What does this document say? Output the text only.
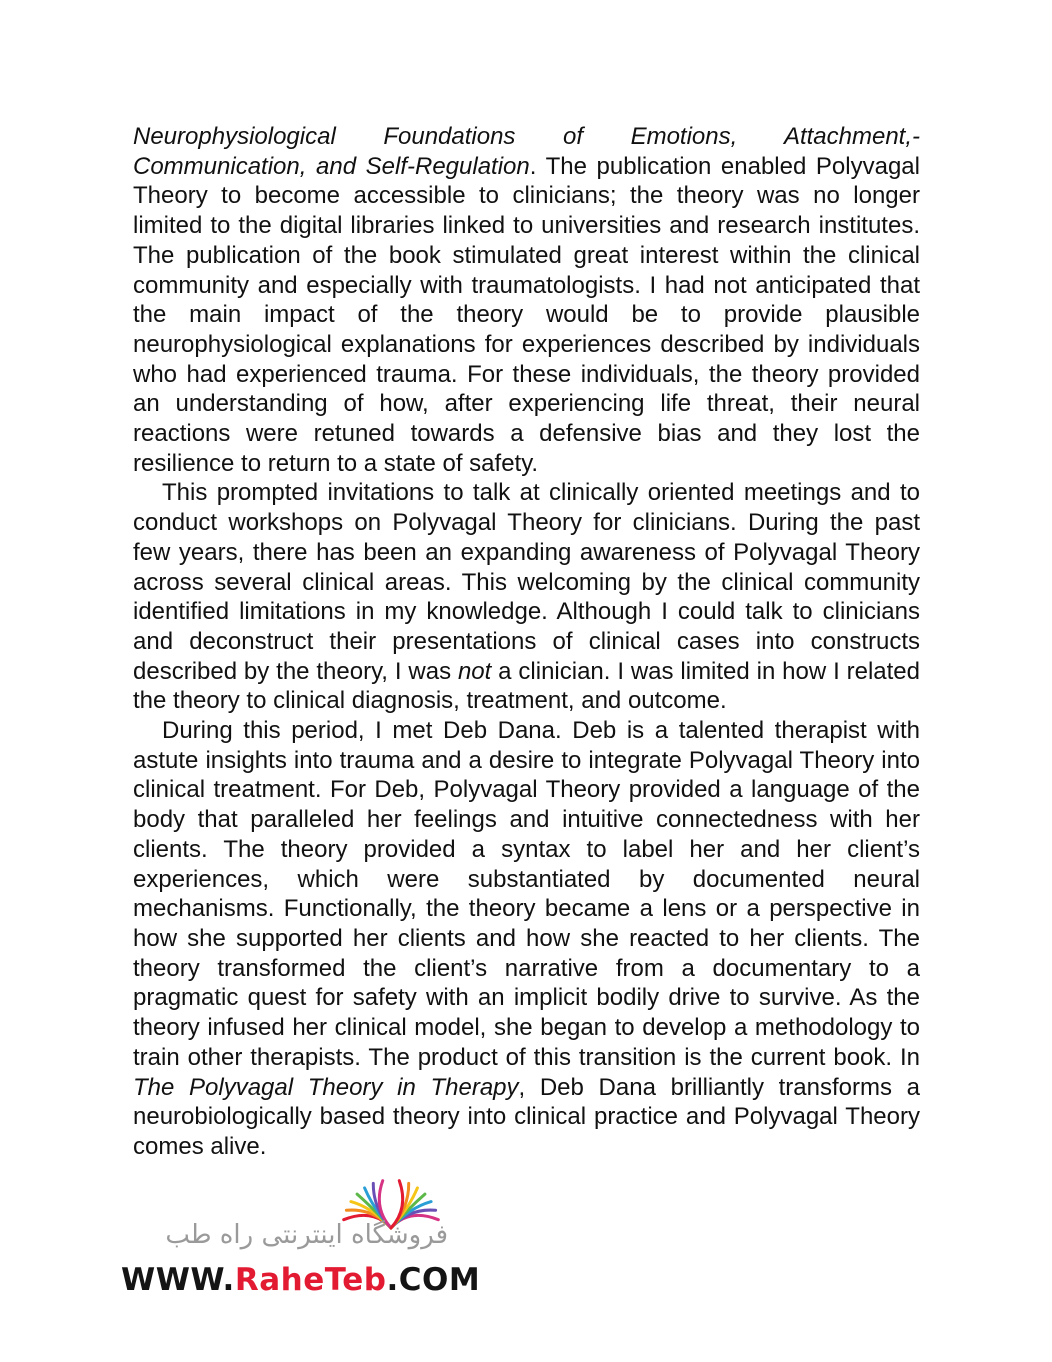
Neurophysiological Foundations of Emotions, Attachment,-Communication, and Self-Regulation. The publication enabled Polyvagal Theory to become accessible to clinicians; the theory was no longer limited to the digital libraries linked to universities and research institutes. The publication of the book stimulated great interest within the clinical community and especially with traumatologists. I had not anticipated that the main impact of the theory would be to provide plausible neurophysiological explanations for experiences described by individuals who had experienced trauma. For these individuals, the theory provided an understanding of how, after experiencing life threat, their neural reactions were retuned towards a defensive bias and they lost the resilience to return to a state of safety.

This prompted invitations to talk at clinically oriented meetings and to conduct workshops on Polyvagal Theory for clinicians. During the past few years, there has been an expanding awareness of Polyvagal Theory across several clinical areas. This welcoming by the clinical community identified limitations in my knowledge. Although I could talk to clinicians and deconstruct their presentations of clinical cases into constructs described by the theory, I was not a clinician. I was limited in how I related the theory to clinical diagnosis, treatment, and outcome.

During this period, I met Deb Dana. Deb is a talented therapist with astute insights into trauma and a desire to integrate Polyvagal Theory into clinical treatment. For Deb, Polyvagal Theory provided a language of the body that paralleled her feelings and intuitive connectedness with her clients. The theory provided a syntax to label her and her client’s experiences, which were substantiated by documented neural mechanisms. Functionally, the theory became a lens or a perspective in how she supported her clients and how she reacted to her clients. The theory transformed the client’s narrative from a documentary to a pragmatic quest for safety with an implicit bodily drive to survive. As the theory infused her clinical model, she began to develop a methodology to train other therapists. The product of this transition is the current book. In The Polyvagal Theory in Therapy, Deb Dana brilliantly transforms a neurobiologically based theory into clinical practice and Polyvagal Theory comes alive.

فروشگاه اینترنتی راه طب
WWW.RaheTeb.COM
